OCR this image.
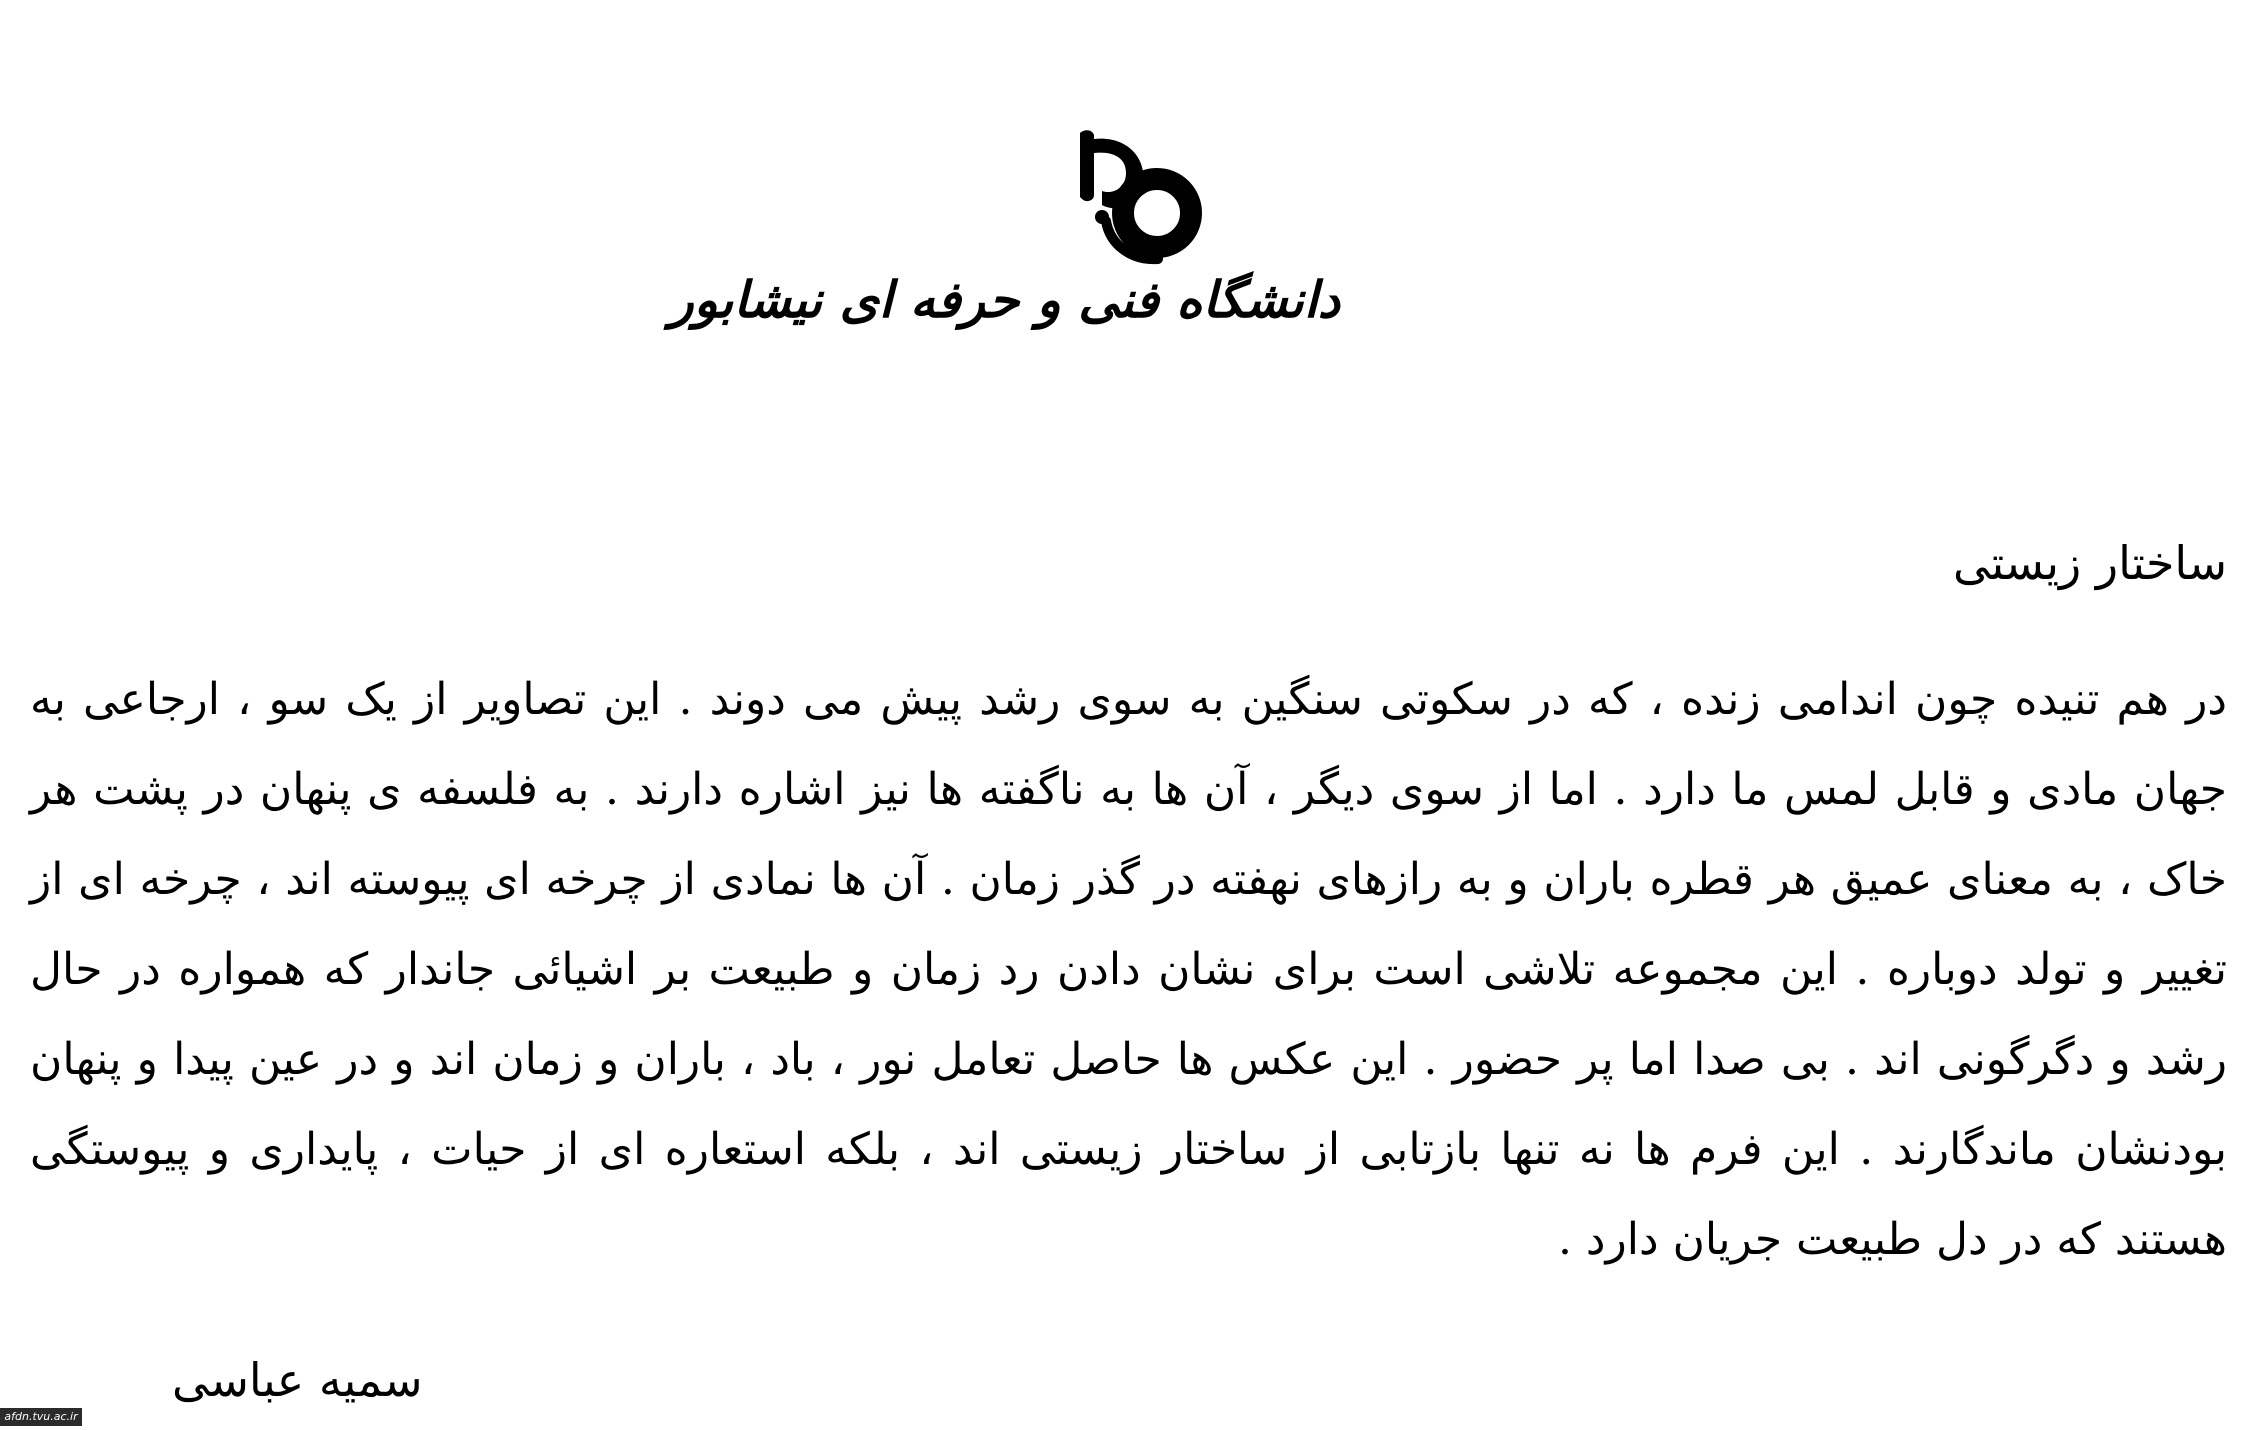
دانشگاه فنی و حرفه ای نیشابور
ساختار زیستی

در هم تنیده چون اندامی زنده ، که در سکوتی سنگین به سوی رشد پیش می دوند . این تصاویر از یک سو ، ارجاعی به جهان مادی و قابل لمس ما دارد . اما از سوی دیگر ، آن ها به ناگفته ها نیز اشاره دارند . به فلسفه ی پنهان در پشت هر خاک ، به معنای عمیق هر قطره باران و به رازهای نهفته در گذر زمان . آن ها نمادی از چرخه ای پیوسته اند ، چرخه ای از تغییر و تولد دوباره . این مجموعه تلاشی است برای نشان دادن رد زمان و طبیعت بر اشیائی جاندار که همواره در حال رشد و دگرگونی اند . بی صدا اما پر حضور . این عکس ها حاصل تعامل نور ، باد ، باران و زمان اند و در عین پیدا و پنهان بودنشان ماندگارند . این فرم ها نه تنها بازتابی از ساختار زیستی اند ، بلکه استعاره ای از حیات ، پایداری و پیوستگی هستند که در دل طبیعت جریان دارد .

سمیه عباسی
afdn.tvu.ac.ir
